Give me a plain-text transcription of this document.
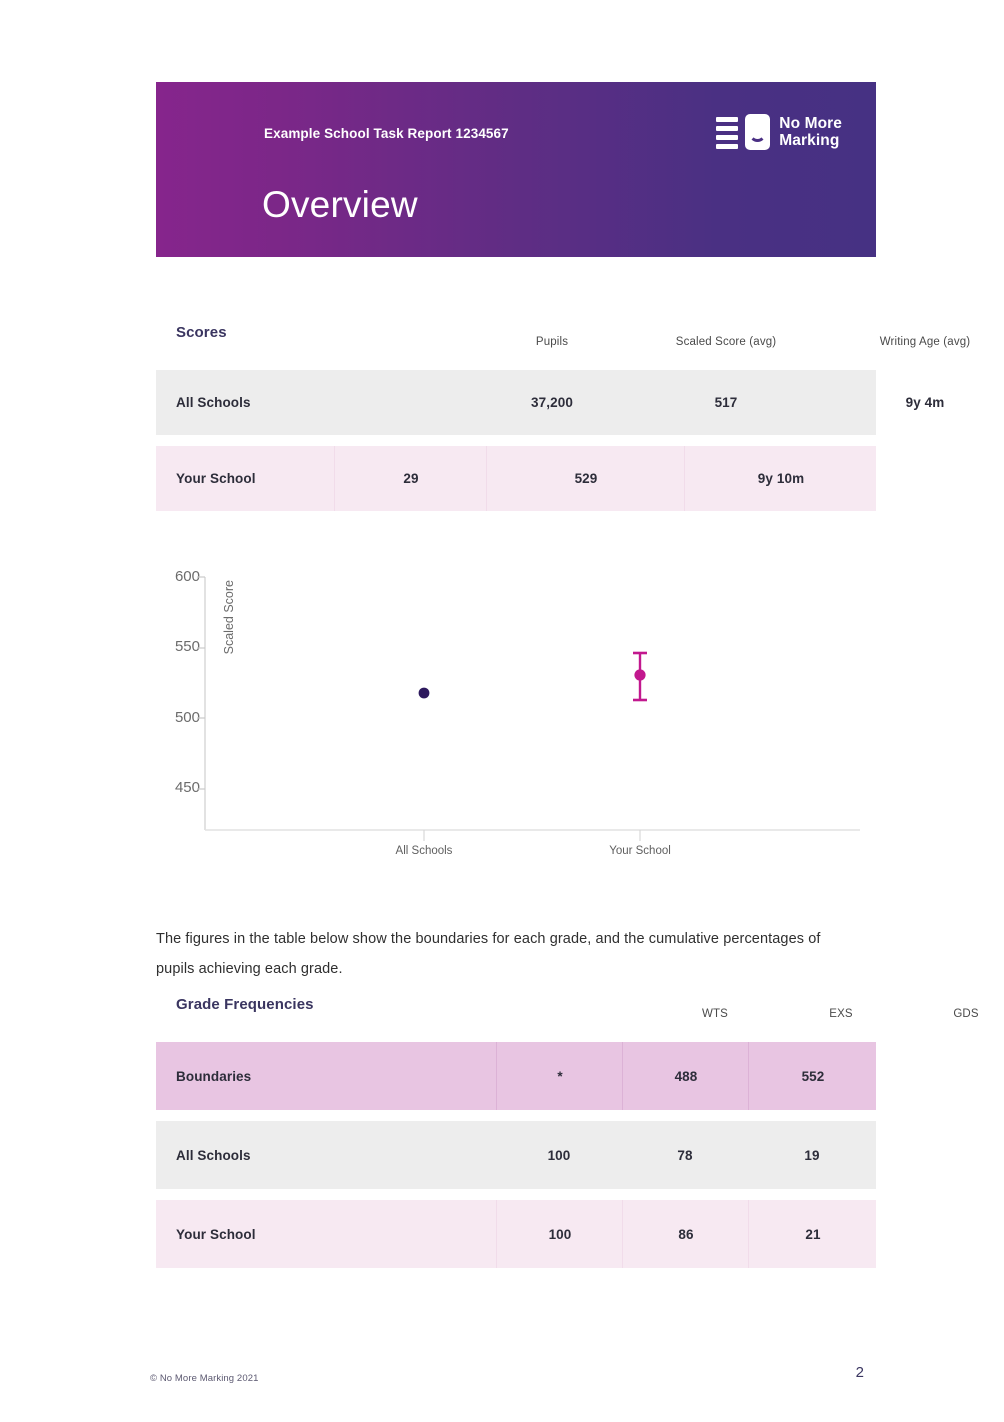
Example School Task Report 1234567
Overview
No More
Marking
Scores
Pupils	Scaled Score (avg)	Writing Age (avg)
All Schools	37,200	517	9y 4m
Your School	29	529	9y 10m
600
550
500
450
Scaled Score
All Schools	Your School
The figures in the table below show the boundaries for each grade, and the cumulative percentages of pupils achieving each grade.
Grade Frequencies
WTS	EXS	GDS
Boundaries	*	488	552
All Schools	100	78	19
Your School	100	86	21
© No More Marking 2021	2
